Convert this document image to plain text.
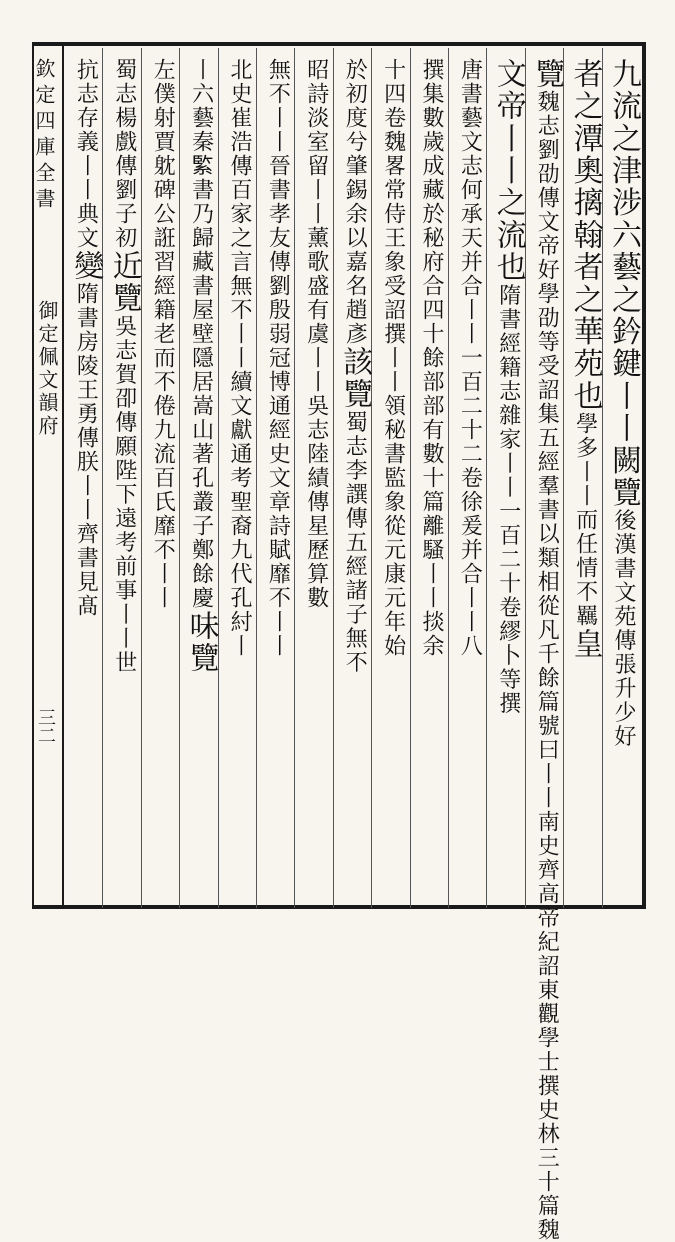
欽定四庫全書
御定佩文韻府
三二
九流之津涉六藝之鈐鍵丨丨闕覽後漢書文苑傳張升少好
者之潭奧摛翰者之華苑也學多丨丨而任情不羈皇
覽魏志劉劭傳文帝好學劭等受詔集五經羣書以類相從凡千餘篇號曰丨丨南史齊高帝紀詔東觀學士撰史林三十篇魏
文帝丨丨之流也隋書經籍志雜家丨丨一百二十卷繆卜等撰
唐書藝文志何承天并合丨丨一百二十二卷徐爰并合丨丨八
撰集數歲成藏於秘府合四十餘部部有數十篇離騷丨丨掞余
十四卷魏畧常侍王象受詔撰丨丨領秘書監象從元康元年始
於初度兮肇錫余以嘉名趙彥該覽蜀志李譔傳五經諸子無不
昭詩淡室留丨丨薰歌盛有虞丨丨吳志陸績傳星歷算數
無不丨丨晉書孝友傳劉殷弱冠博通經史文章詩賦靡不丨丨
北史崔浩傳百家之言無不丨丨續文獻通考聖裔九代孔紂丨
丨六藝秦𦂳書乃歸藏書屋壁隱居嵩山著孔叢子鄭餘慶味覽
左僕射賈躭碑公誑習經籍老而不倦九流百氏靡不丨丨
蜀志楊戲傳劉子初近覽吳志賀卲傳願陛下遠考前事丨丨世
抗志存義丨丨典文變隋書房陵王勇傳朕丨丨齊書見髙
